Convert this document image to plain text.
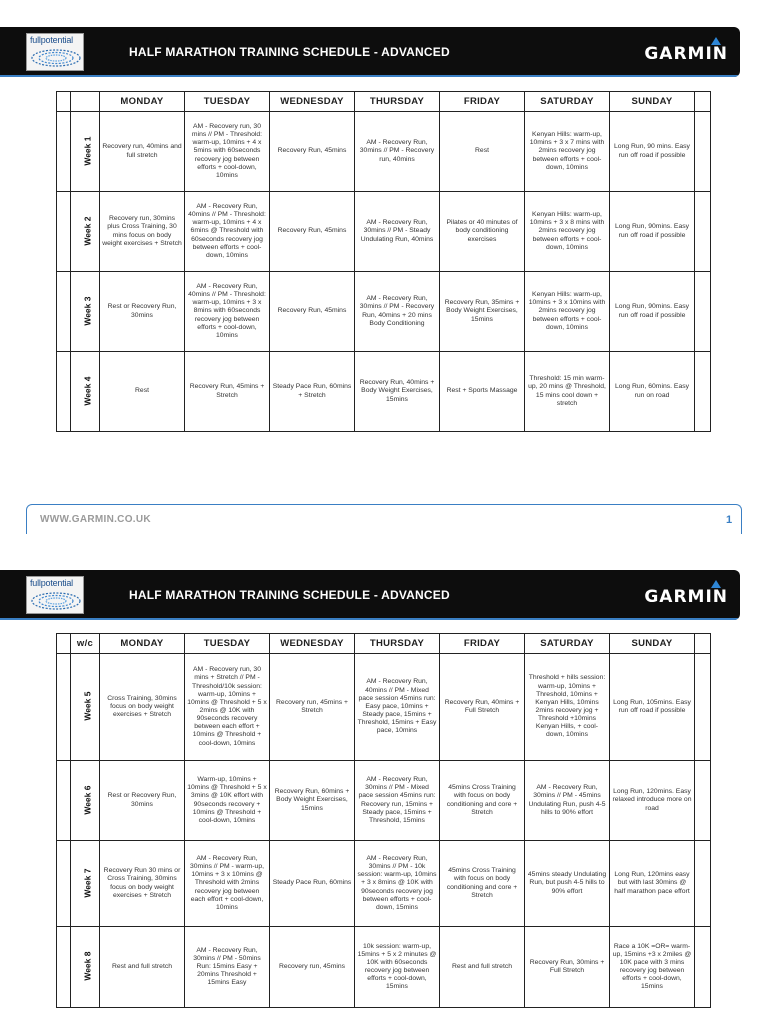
fullpotential
HALF MARATHON TRAINING SCHEDULE - ADVANCED	GARMIN
		MONDAY	TUESDAY	WEDNESDAY	THURSDAY	FRIDAY	SATURDAY	SUNDAY	
	Week 1	Recovery run, 40mins and full stretch	AM - Recovery run, 30 mins // PM - Threshold: warm-up, 10mins + 4 x 5mins with 60seconds recovery jog between efforts + cool-down, 10mins	Recovery Run, 45mins	AM - Recovery Run, 30mins // PM - Recovery run, 40mins	Rest	Kenyan Hills: warm-up, 10mins + 3 x 7 mins with 2mins recovery jog between efforts + cool-down, 10mins	Long Run, 90 mins. Easy run off road if possible	
	Week 2	Recovery run, 30mins plus Cross Training, 30 mins focus on body weight exercises + Stretch	AM - Recovery Run, 40mins // PM - Threshold: warm-up, 10mins + 4 x 6mins @ Threshold with 60seconds recovery jog between efforts + cool-down, 10mins	Recovery Run, 45mins	AM - Recovery Run, 30mins // PM - Steady Undulating Run, 40mins	Pilates or 40 minutes of body conditioning exercises	Kenyan Hills: warm-up, 10mins + 3 x 8 mins with 2mins recovery jog between efforts + cool-down, 10mins	Long Run, 90mins. Easy run off road if possible	
	Week 3	Rest or Recovery Run, 30mins	AM - Recovery Run, 40mins // PM - Threshold: warm-up, 10mins + 3 x 8mins with 60seconds recovery jog between efforts + cool-down, 10mins	Recovery Run, 45mins	AM - Recovery Run, 30mins // PM - Recovery Run, 40mins + 20 mins Body Conditioning	Recovery Run, 35mins + Body Weight Exercises, 15mins	Kenyan Hills: warm-up, 10mins + 3 x 10mins with 2mins recovery jog between efforts + cool-down, 10mins	Long Run, 90mins. Easy run off road if possible	
	Week 4	Rest	Recovery Run, 45mins + Stretch	Steady Pace Run, 60mins + Stretch	Recovery Run, 40mins + Body Weight Exercises, 15mins	Rest + Sports Massage	Threshold: 15 min warm-up, 20 mins @ Threshold, 15 mins cool down + stretch	Long Run, 60mins. Easy run on road	
WWW.GARMIN.CO.UK	1
fullpotential
HALF MARATHON TRAINING SCHEDULE - ADVANCED	GARMIN
	w/c	MONDAY	TUESDAY	WEDNESDAY	THURSDAY	FRIDAY	SATURDAY	SUNDAY	
	Week 5	Cross Training, 30mins focus on body weight exercises + Stretch	AM - Recovery run, 30 mins + Stretch // PM - Threshold/10k session: warm-up, 10mins + 10mins @ Threshold + 5 x 2mins @ 10K with 90seconds recovery between each effort + 10mins @ Threshold + cool-down, 10mins	Recovery run, 45mins + Stretch	AM - Recovery Run, 40mins // PM - Mixed pace session 45mins run: Easy pace, 10mins + Steady pace, 15mins + Threshold, 15mins + Easy pace, 10mins	Recovery Run, 40mins + Full Stretch	Threshold + hills session: warm-up, 10mins + Threshold, 10mins + Kenyan Hills, 10mins 2mins recovery jog + Threshold +10mins Kenyan Hills, + cool-down, 10mins	Long Run, 105mins. Easy run off road if possible	
	Week 6	Rest or Recovery Run, 30mins	Warm-up, 10mins + 10mins @ Threshold + 5 x 3mins @ 10K effort with 90seconds recovery + 10mins @ Threshold + cool-down, 10mins	Recovery Run, 60mins + Body Weight Exercises, 15mins	AM - Recovery Run, 30mins // PM - Mixed pace session 45mins run: Recovery run, 15mins + Steady pace, 15mins + Threshold, 15mins	45mins Cross Training with focus on body conditioning and core + Stretch	AM - Recovery Run, 30mins // PM - 45mins Undulating Run, push 4-5 hills to 90% effort	Long Run, 120mins. Easy relaxed introduce more on road	
	Week 7	Recovery Run 30 mins or Cross Training, 30mins focus on body weight exercises + Stretch	AM - Recovery Run, 30mins // PM - warm-up, 10mins + 3 x 10mins @ Threshold with 2mins recovery jog between each effort + cool-down, 10mins	Steady Pace Run, 60mins	AM - Recovery Run, 30mins // PM - 10k session: warm-up, 10mins + 3 x 8mins @ 10K with 90seconds recovery jog between efforts + cool-down, 15mins	45mins Cross Training with focus on body conditioning and core + Stretch	45mins steady Undulating Run, but push 4-5 hills to 90% effort	Long Run, 120mins easy but with last 30mins @ half marathon pace effort	
	Week 8	Rest and full stretch	AM - Recovery Run, 30mins // PM - 50mins Run: 15mins Easy + 20mins Threshold + 15mins Easy	Recovery run, 45mins	10k session: warm-up, 15mins + 5 x 2 minutes @ 10K with 60seconds recovery jog between efforts + cool-down, 15mins	Rest and full stretch	Recovery Run, 30mins + Full Stretch	Race a 10K =OR= warm-up, 15mins +3 x 2miles @ 10K pace with 3 mins recovery jog between efforts + cool-down, 15mins	
